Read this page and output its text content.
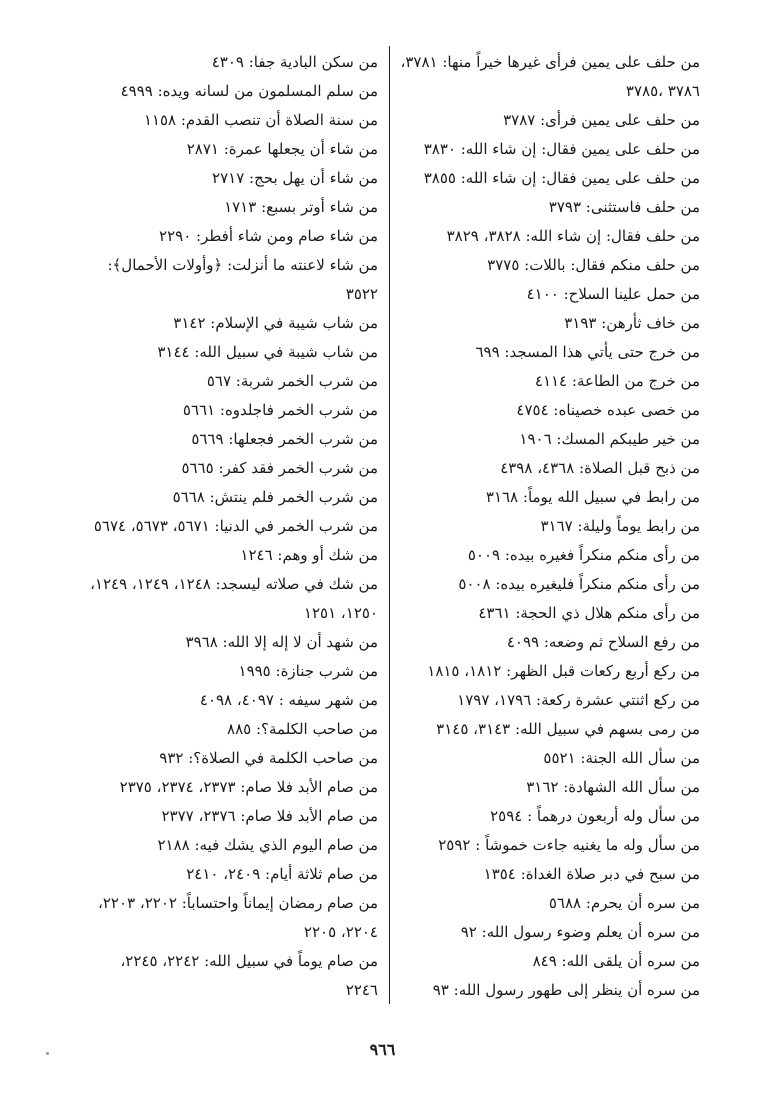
من حلف على يمين فرأى غيرها خيراً منها: ٣٧٨١،
٣٧٨٦ ،٣٧٨٥
من حلف على يمين فرأى: ٣٧٨٧
من حلف على يمين فقال: إن شاء الله: ٣٨٣٠
من حلف على يمين فقال: إن شاء الله: ٣٨٥٥
من حلف فاستثنى: ٣٧٩٣
من حلف فقال: إن شاء الله: ٣٨٢٨، ٣٨٢٩
من حلف منكم فقال: باللات: ٣٧٧٥
من حمل علينا السلاح: ٤١٠٠
من خاف ثأرهن: ٣١٩٣
من خرج حتى يأتي هذا المسجد: ٦٩٩
من خرج من الطاعة: ٤١١٤
من خصى عبده خصيناه: ٤٧٥٤
من خير طيبكم المسك: ١٩٠٦
من ذبح قبل الصلاة: ٤٣٦٨، ٤٣٩٨
من رابط في سبيل الله يوماً: ٣١٦٨
من رابط يوماً وليلة: ٣١٦٧
من رأى منكم منكراً فغيره بيده: ٥٠٠٩
من رأى منكم منكراً فليغيره بيده: ٥٠٠٨
من رأى منكم هلال ذي الحجة: ٤٣٦١
من رفع السلاح ثم وضعه: ٤٠٩٩
من ركع أربع ركعات قبل الظهر: ١٨١٢، ١٨١٥
من ركع اثنتي عشرة ركعة: ١٧٩٦، ١٧٩٧
من رمى بسهم في سبيل الله: ٣١٤٣، ٣١٤٥
من سأل الله الجنة: ٥٥٢١
من سأل الله الشهادة: ٣١٦٢
من سأل وله أربعون درهماً : ٢٥٩٤
من سأل وله ما يغنيه جاءت خموشاً : ٢٥٩٢
من سبح في دبر صلاة الغداة: ١٣٥٤
من سره أن يحرم: ٥٦٨٨
من سره أن يعلم وضوء رسول الله: ٩٢
من سره أن يلقى الله: ٨٤٩
من سره أن ينظر إلى طهور رسول الله: ٩٣
من سكن البادية جفا: ٤٣٠٩
من سلم المسلمون من لسانه ويده: ٤٩٩٩
من سنة الصلاة أن تنصب القدم: ١١٥٨
من شاء أن يجعلها عمرة: ٢٨٧١
من شاء أن يهل بحج: ٢٧١٧
من شاء أوتر بسبع: ١٧١٣
من شاء صام ومن شاء أفطر: ٢٢٩٠
من شاء لاعنته ما أنزلت: ﴿وأولات الأحمال﴾:
٣٥٢٢
من شاب شيبة في الإسلام: ٣١٤٢
من شاب شيبة في سبيل الله: ٣١٤٤
من شرب الخمر شربة: ٥٦٧
من شرب الخمر فاجلدوه: ٥٦٦١
من شرب الخمر فجعلها: ٥٦٦٩
من شرب الخمر فقد كفر: ٥٦٦٥
من شرب الخمر فلم ينتش: ٥٦٦٨
من شرب الخمر في الدنيا: ٥٦٧١، ٥٦٧٣، ٥٦٧٤
من شك أو وهم: ١٢٤٦
من شك في صلاته ليسجد: ١٢٤٨، ١٢٤٩، ١٢٤٩،
١٢٥٠، ١٢٥١
من شهد أن لا إله إلا الله: ٣٩٦٨
من شرب جنازة: ١٩٩٥
من شهر سيفه : ٤٠٩٧، ٤٠٩٨
من صاحب الكلمة؟: ٨٨٥
من صاحب الكلمة في الصلاة؟: ٩٣٢
من صام الأبد فلا صام: ٢٣٧٣، ٢٣٧٤، ٢٣٧٥
من صام الأبد فلا صام: ٢٣٧٦، ٢٣٧٧
من صام اليوم الذي يشك فيه: ٢١٨٨
من صام ثلاثة أيام: ٢٤٠٩، ٢٤١٠
من صام رمضان إيماناً واحتساباً: ٢٢٠٢، ٢٢٠٣،
٢٢٠٤، ٢٢٠٥
من صام يوماً في سبيل الله: ٢٢٤٢، ٢٢٤٥،
٢٢٤٦
٩٦٦
